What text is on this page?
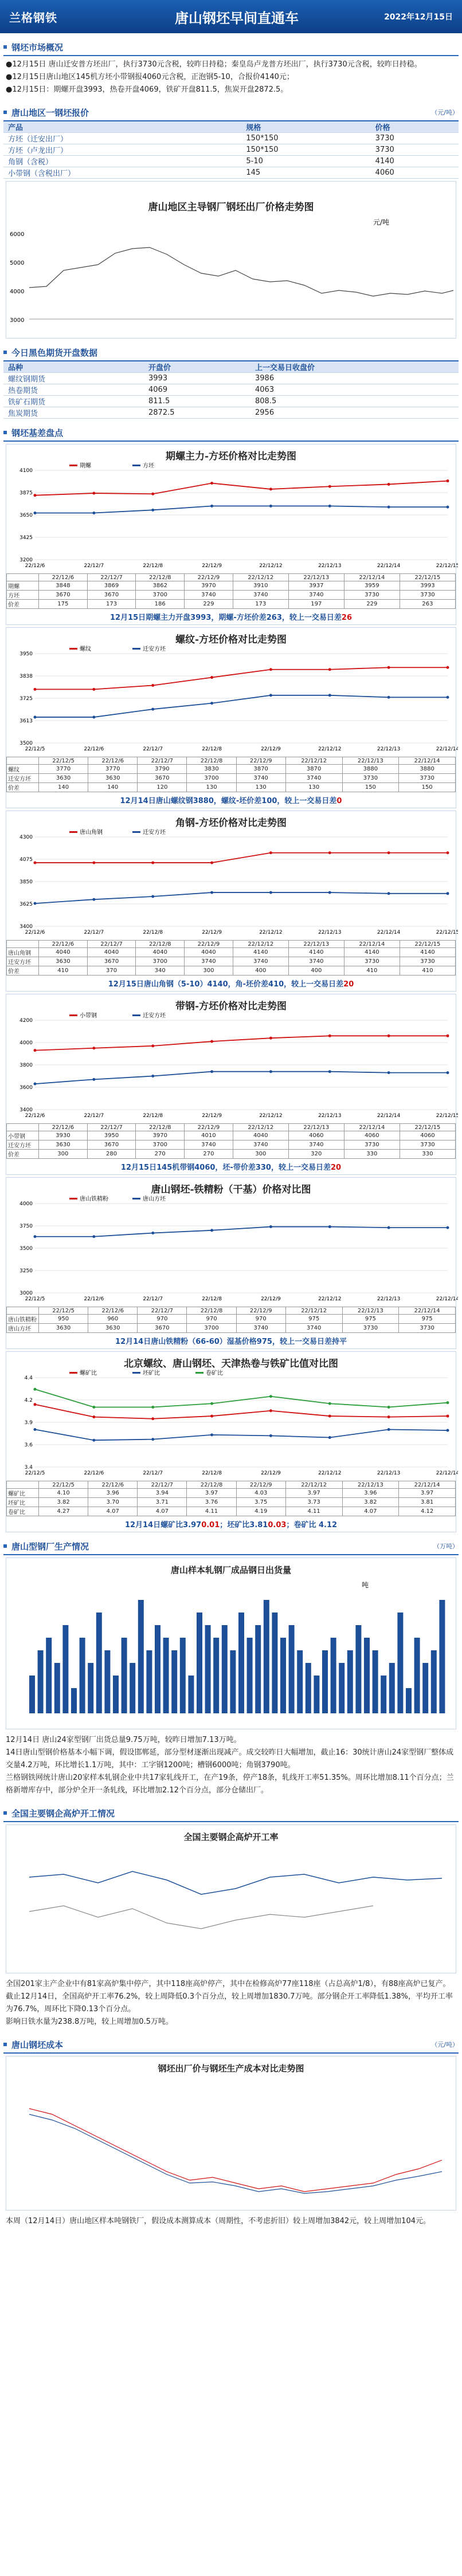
兰格钢铁	唐山钢坯早间直通车	2022年12月15日
钢坯市场概况
●12月15日 唐山迁安普方坯出厂，执行3730元含税，较昨日持稳；秦皇岛卢龙普方坯出厂，执行3730元含税，较昨日持稳。
●12月15日唐山地区145机方坯小带钢报4060元含税，正泡钢5-10，合报价4140元；
●12月15日：期螺开盘3993，热卷开盘4069，铁矿开盘811.5，焦炭开盘2872.5。
唐山地区一钢坯报价	（元/吨）
产品	规格	价格
方坯（迁安出厂）	150*150	3730
方坯（卢龙出厂）	150*150	3730
角钢（含税）	5-10	4140
小带钢（含税出厂）	145	4060
唐山地区主导钢厂钢坯出厂价格走势图
元/吨
6000
5000
4000
3000
今日黑色期货开盘数据
品种	开盘价	上一交易日收盘价
螺纹钢期货	3993	3986
热卷期货	4069	4063
铁矿石期货	811.5	808.5
焦炭期货	2872.5	2956
钢坯基差盘点
期螺主力-方坯价格对比走势图
3200
3425
3650
3875
4100
期螺	方坯
22/12/6	22/12/7	22/12/8	22/12/9	22/12/12	22/12/13	22/12/14	22/12/15
	22/12/6	22/12/7	22/12/8	22/12/9	22/12/12	22/12/13	22/12/14	22/12/15
期螺	3848	3869	3862	3970	3910	3937	3959	3993
方坯	3670	3670	3700	3740	3740	3740	3730	3730
价差	175	173	186	229	173	197	229	263
12月15日期螺主力开盘3993，期螺-方坯价差263，较上一交易日差26
螺纹-方坯价格对比走势图
3500
3613
3725
3838
3950
螺纹	迁安方坯
22/12/5	22/12/6	22/12/7	22/12/8	22/12/9	22/12/12	22/12/13	22/12/14
	22/12/5	22/12/6	22/12/7	22/12/8	22/12/9	22/12/12	22/12/13	22/12/14
螺纹	3770	3770	3790	3830	3870	3870	3880	3880
迁安方坯	3630	3630	3670	3700	3740	3740	3730	3730
价差	140	140	120	130	130	130	150	150
12月14日唐山螺纹钢3880，螺纹-坯价差100，较上一交易日差0
角钢-方坯价格对比走势图
3400
3625
3850
4075
4300
唐山角钢	迁安方坯
22/12/6	22/12/7	22/12/8	22/12/9	22/12/12	22/12/13	22/12/14	22/12/15
	22/12/6	22/12/7	22/12/8	22/12/9	22/12/12	22/12/13	22/12/14	22/12/15
唐山角钢	4040	4040	4040	4040	4140	4140	4140	4140
迁安方坯	3630	3670	3700	3740	3740	3740	3730	3730
价差	410	370	340	300	400	400	410	410
12月15日唐山角钢（5-10）4140，角-坯价差410，较上一交易日差20
带钢-方坯价格对比走势图
3400
3600
3800
4000
4200
小带钢	迁安方坯
22/12/6	22/12/7	22/12/8	22/12/9	22/12/12	22/12/13	22/12/14	22/12/15
	22/12/6	22/12/7	22/12/8	22/12/9	22/12/12	22/12/13	22/12/14	22/12/15
小带钢	3930	3950	3970	4010	4040	4060	4060	4060
迁安方坯	3630	3670	3700	3740	3740	3740	3730	3730
价差	300	280	270	270	300	320	330	330
12月15日145机带钢4060，坯-带价差330，较上一交易日差20
唐山钢坯-铁精粉（干基）价格对比图
3000
3250
3500
3750
4000
唐山铁精粉	唐山方坯
22/12/5	22/12/6	22/12/7	22/12/8	22/12/9	22/12/12	22/12/13	22/12/14
	22/12/5	22/12/6	22/12/7	22/12/8	22/12/9	22/12/12	22/12/13	22/12/14
唐山铁精粉	950	960	970	970	970	975	975	975
唐山方坯	3630	3630	3670	3700	3740	3740	3730	3730
12月14日唐山铁精粉（66-60）湿基价格975，较上一交易日差持平
北京螺纹、唐山钢坯、天津热卷与铁矿比值对比图
3.4
3.6
3.9
4.2
4.4
螺矿比	坯矿比	卷矿比
22/12/5	22/12/6	22/12/7	22/12/8	22/12/9	22/12/12	22/12/13	22/12/14
	22/12/5	22/12/6	22/12/7	22/12/8	22/12/9	22/12/12	22/12/13	22/12/14
螺矿比	4.10	3.96	3.94	3.97	4.03	3.97	3.96	3.97
坯矿比	3.82	3.70	3.71	3.76	3.75	3.73	3.82	3.81
卷矿比	4.27	4.07	4.07	4.11	4.19	4.11	4.07	4.12
12月14日螺矿比3.970.01；坯矿比3.810.03；卷矿比 4.12
唐山型钢厂生产情况	（万吨）
唐山样本轧钢厂成品钢日出货量
吨
12月14日 唐山24家型钢厂出货总量9.75万吨，较昨日增加7.13万吨。
14日唐山型钢价格基本小幅下调，假设邯郸延，部分型材逐渐出现减产。成交较昨日大幅增加，截止16：30统计唐山24家型钢厂整体成交量4.2万吨，环比增长1.1万吨，其中：工字钢1200吨；槽钢6000吨；角钢3790吨。
兰格钢铁网统计唐山20家样本轧钢企业中共17家轧线开工，在产19条，停产18条，轧线开工率51.35%。周环比增加8.11个百分点；兰格新增库存中，部分炉全开一条轧线，环比增加2.12个百分点，部分仓储出厂。
全国主要钢企高炉开工情况
全国主要钢企高炉开工率
全国201家主产企业中有81家高炉集中停产，其中118座高炉停产，其中在检修高炉77座118座（占总高炉1/8），有88座高炉已复产。
截止12月14日，全国高炉开工率76.2%，较上周降低0.3个百分点，较上周增加1830.7万吨。部分钢企开工率降低1.38%，平均开工率为76.7%，周环比下降0.13个百分点。
影响日铁水量为238.8万吨，较上周增加0.5万吨。
唐山钢坯成本	（元/吨）
钢坯出厂价与钢坯生产成本对比走势图
本周（12月14日）唐山地区样本吨钢铁厂，假设成本测算成本（周期性，不考虑折旧）较上周增加3842元，较上周增加104元。
